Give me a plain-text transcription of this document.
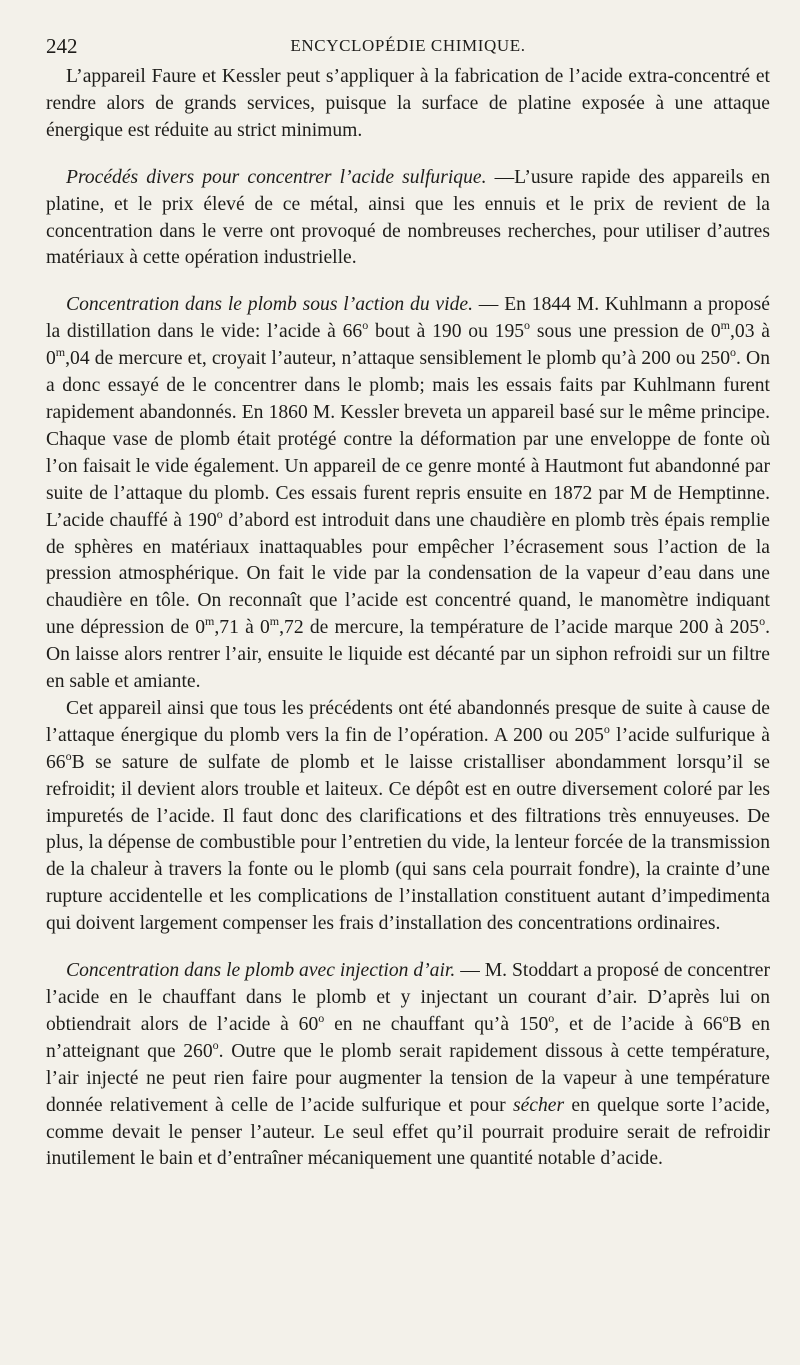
242	ENCYCLOPÉDIE CHIMIQUE.

L’appareil Faure et Kessler peut s’appliquer à la fabrication de l’acide extra-concentré et rendre alors de grands services, puisque la surface de platine exposée à une attaque énergique est réduite au strict minimum.

Procédés divers pour concentrer l’acide sulfurique. —L’usure rapide des appareils en platine, et le prix élevé de ce métal, ainsi que les ennuis et le prix de revient de la concentration dans le verre ont provoqué de nombreuses recherches, pour utiliser d’autres matériaux à cette opération industrielle.

Concentration dans le plomb sous l’action du vide. — En 1844 M. Kuhlmann a proposé la distillation dans le vide: l’acide à 66$^o$ bout à 190 ou 195$^o$ sous une pression de 0$^m$,03 à 0$^m$,04 de mercure et, croyait l’auteur, n’attaque sensiblement le plomb qu’à 200 ou 250$^o$. On a donc essayé de le concentrer dans le plomb; mais les essais faits par Kuhlmann furent rapidement abandonnés. En 1860 M. Kessler breveta un appareil basé sur le même principe. Chaque vase de plomb était protégé contre la déformation par une enveloppe de fonte où l’on faisait le vide également. Un appareil de ce genre monté à Hautmont fut abandonné par suite de l’attaque du plomb. Ces essais furent repris ensuite en 1872 par M de Hemptinne. L’acide chauffé à 190$^o$ d’abord est introduit dans une chaudière en plomb très épais remplie de sphères en matériaux inattaquables pour empêcher l’écrasement sous l’action de la pression atmosphérique. On fait le vide par la condensation de la vapeur d’eau dans une chaudière en tôle. On reconnaît que l’acide est concentré quand, le manomètre indiquant une dépression de 0$^m$,71 à 0$^m$,72 de mercure, la température de l’acide marque 200 à 205$^o$. On laisse alors rentrer l’air, ensuite le liquide est décanté par un siphon refroidi sur un filtre en sable et amiante.

Cet appareil ainsi que tous les précédents ont été abandonnés presque de suite à cause de l’attaque énergique du plomb vers la fin de l’opération. A 200 ou 205$^o$ l’acide sulfurique à 66$^o$B se sature de sulfate de plomb et le laisse cristalliser abondamment lorsqu’il se refroidit; il devient alors trouble et laiteux. Ce dépôt est en outre diversement coloré par les impuretés de l’acide. Il faut donc des clarifications et des filtrations très ennuyeuses. De plus, la dépense de combustible pour l’entretien du vide, la lenteur forcée de la transmission de la chaleur à travers la fonte ou le plomb (qui sans cela pourrait fondre), la crainte d’une rupture accidentelle et les complications de l’installation constituent autant d’impedimenta qui doivent largement compenser les frais d’installation des concentrations ordinaires.

Concentration dans le plomb avec injection d’air. — M. Stoddart a proposé de concentrer l’acide en le chauffant dans le plomb et y injectant un courant d’air. D’après lui on obtiendrait alors de l’acide à 60$^o$ en ne chauffant qu’à 150$^o$, et de l’acide à 66$^o$B en n’atteignant que 260$^o$. Outre que le plomb serait rapidement dissous à cette température, l’air injecté ne peut rien faire pour augmenter la tension de la vapeur à une température donnée relativement à celle de l’acide sulfurique et pour sécher en quelque sorte l’acide, comme devait le penser l’auteur. Le seul effet qu’il pourrait produire serait de refroidir inutilement le bain et d’entraîner mécaniquement une quantité notable d’acide.
